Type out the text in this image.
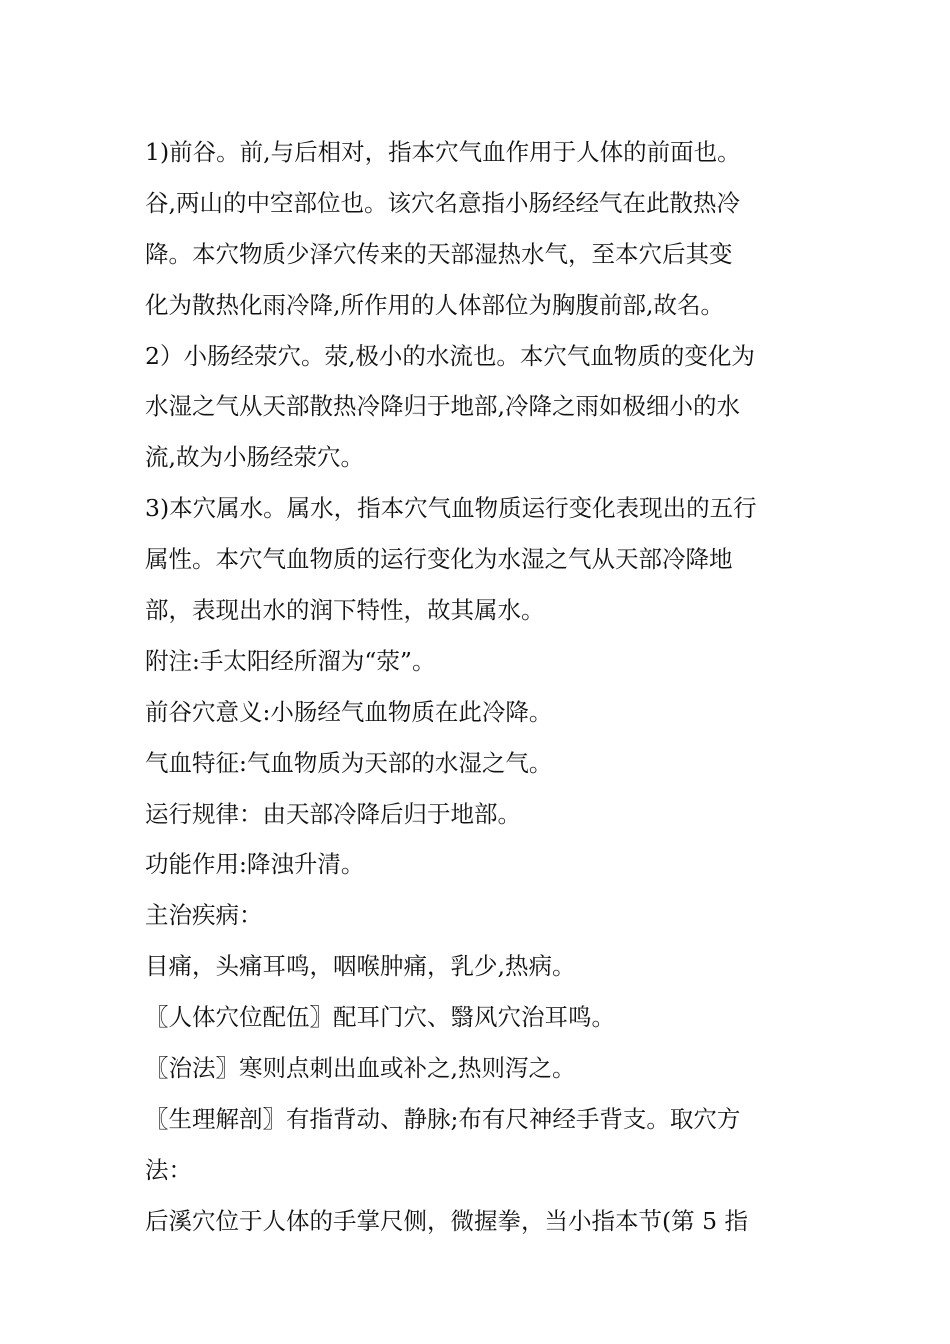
1)前谷。前,与后相对，指本穴气血作用于人体的前面也。
谷,两山的中空部位也。该穴名意指小肠经经气在此散热冷
降。本穴物质少泽穴传来的天部湿热水气，至本穴后其变
化为散热化雨冷降,所作用的人体部位为胸腹前部,故名。
2）小肠经荥穴。荥,极小的水流也。本穴气血物质的变化为
水湿之气从天部散热冷降归于地部,冷降之雨如极细小的水
流,故为小肠经荥穴。
3)本穴属水。属水，指本穴气血物质运行变化表现出的五行
属性。本穴气血物质的运行变化为水湿之气从天部冷降地
部，表现出水的润下特性，故其属水。
附注:手太阳经所溜为“荥”。
前谷穴意义:小肠经气血物质在此冷降。
气血特征:气血物质为天部的水湿之气。
运行规律：由天部冷降后归于地部。
功能作用:降浊升清。
主治疾病：
目痛，头痛耳鸣，咽喉肿痛，乳少,热病。
〖人体穴位配伍〗配耳门穴、翳风穴治耳鸣。
〖治法〗寒则点刺出血或补之,热则泻之。
〖生理解剖〗有指背动、静脉;布有尺神经手背支。取穴方
法：
后溪穴位于人体的手掌尺侧，微握拳，当小指本节(第 5 指
